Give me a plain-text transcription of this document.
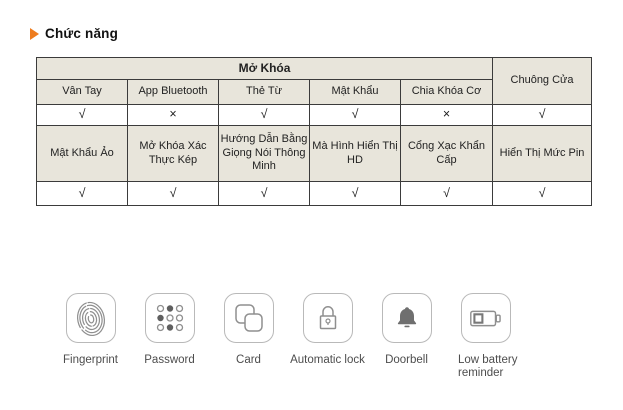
Chức năng
Mở Khóa					Chuông Cửa
Vân Tay	App Bluetooth	Thẻ Từ	Mật Khẩu	Chia Khóa Cơ	
√	×	√	√	×	√
Mật Khẩu Ảo	Mở Khóa Xác Thực Kép	Hướng Dẫn Bằng Giọng Nói Thông Minh	Mà Hình Hiển Thị HD	Cổng Xạc Khẩn Cấp	Hiển Thị Mức Pin
√	√	√	√	√	√
Fingerprint Password	Card	Automatic lock Doorbell	Low battery reminder
